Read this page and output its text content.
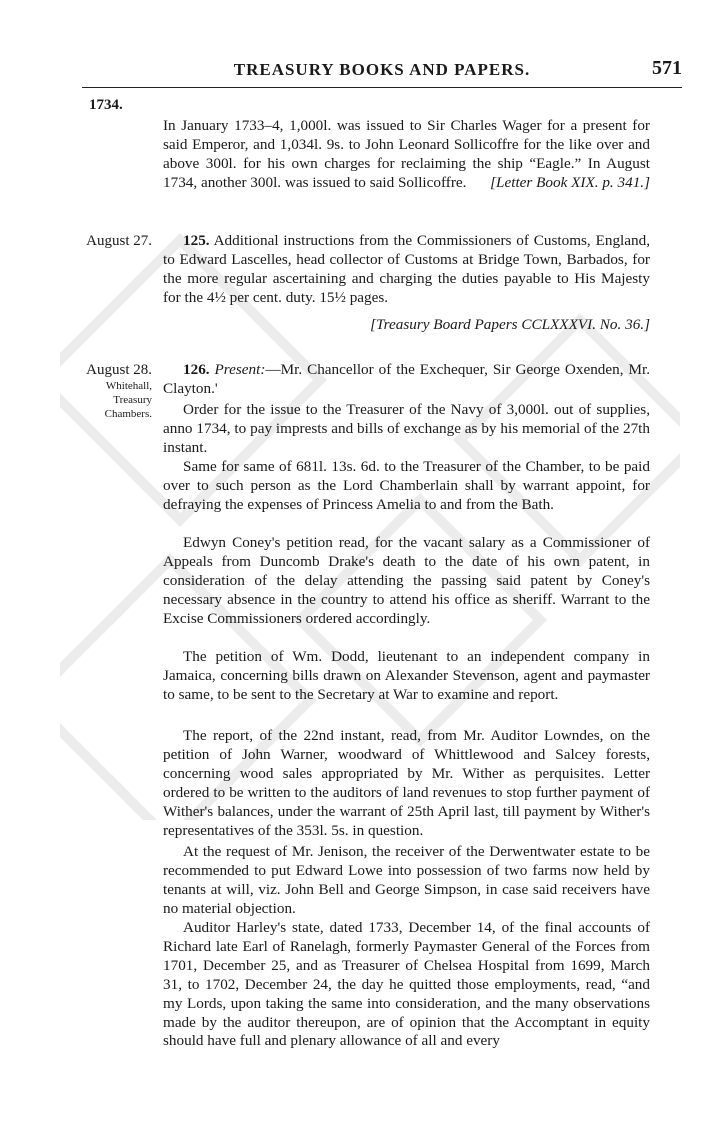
TREASURY BOOKS AND PAPERS.	571
1734.

In January 1733–4, 1,000l. was issued to Sir Charles Wager for a present for said Emperor, and 1,034l. 9s. to John Leonard Sollicoffre for the like over and above 300l. for his own charges for reclaiming the ship “Eagle.” In August 1734, another 300l. was issued to said Sollicoffre. [Letter Book XIX. p. 341.]

August 27.	125. Additional instructions from the Commissioners of Customs, England, to Edward Lascelles, head collector of Customs at Bridge Town, Barbados, for the more regular ascertaining and charging the duties payable to His Majesty for the 4½ per cent. duty. 15½ pages.

[Treasury Board Papers CCLXXXVI. No. 36.]
August 28.
Whitehall,
Treasury
Chambers.

126. Present:—Mr. Chancellor of the Exchequer, Sir George Oxenden, Mr. Clayton.'

Order for the issue to the Treasurer of the Navy of 3,000l. out of supplies, anno 1734, to pay imprests and bills of exchange as by his memorial of the 27th instant.

Same for same of 681l. 13s. 6d. to the Treasurer of the Chamber, to be paid over to such person as the Lord Chamberlain shall by warrant appoint, for defraying the expenses of Princess Amelia to and from the Bath.

Edwyn Coney's petition read, for the vacant salary as a Commissioner of Appeals from Duncomb Drake's death to the date of his own patent, in consideration of the delay attending the passing said patent by Coney's necessary absence in the country to attend his office as sheriff. Warrant to the Excise Commissioners ordered accordingly.

The petition of Wm. Dodd, lieutenant to an independent company in Jamaica, concerning bills drawn on Alexander Stevenson, agent and paymaster to same, to be sent to the Secretary at War to examine and report.

The report, of the 22nd instant, read, from Mr. Auditor Lowndes, on the petition of John Warner, woodward of Whittlewood and Salcey forests, concerning wood sales appropriated by Mr. Wither as perquisites. Letter ordered to be written to the auditors of land revenues to stop further payment of Wither's balances, under the warrant of 25th April last, till payment by Wither's representatives of the 353l. 5s. in question.

At the request of Mr. Jenison, the receiver of the Derwentwater estate to be recommended to put Edward Lowe into possession of two farms now held by tenants at will, viz. John Bell and George Simpson, in case said receivers have no material objection.

Auditor Harley's state, dated 1733, December 14, of the final accounts of Richard late Earl of Ranelagh, formerly Paymaster General of the Forces from 1701, December 25, and as Treasurer of Chelsea Hospital from 1699, March 31, to 1702, December 24, the day he quitted those employments, read, “and my Lords, upon taking the same into consideration, and the many observations made by the auditor thereupon, are of opinion that the Accomptant in equity should have full and plenary allowance of all and every
